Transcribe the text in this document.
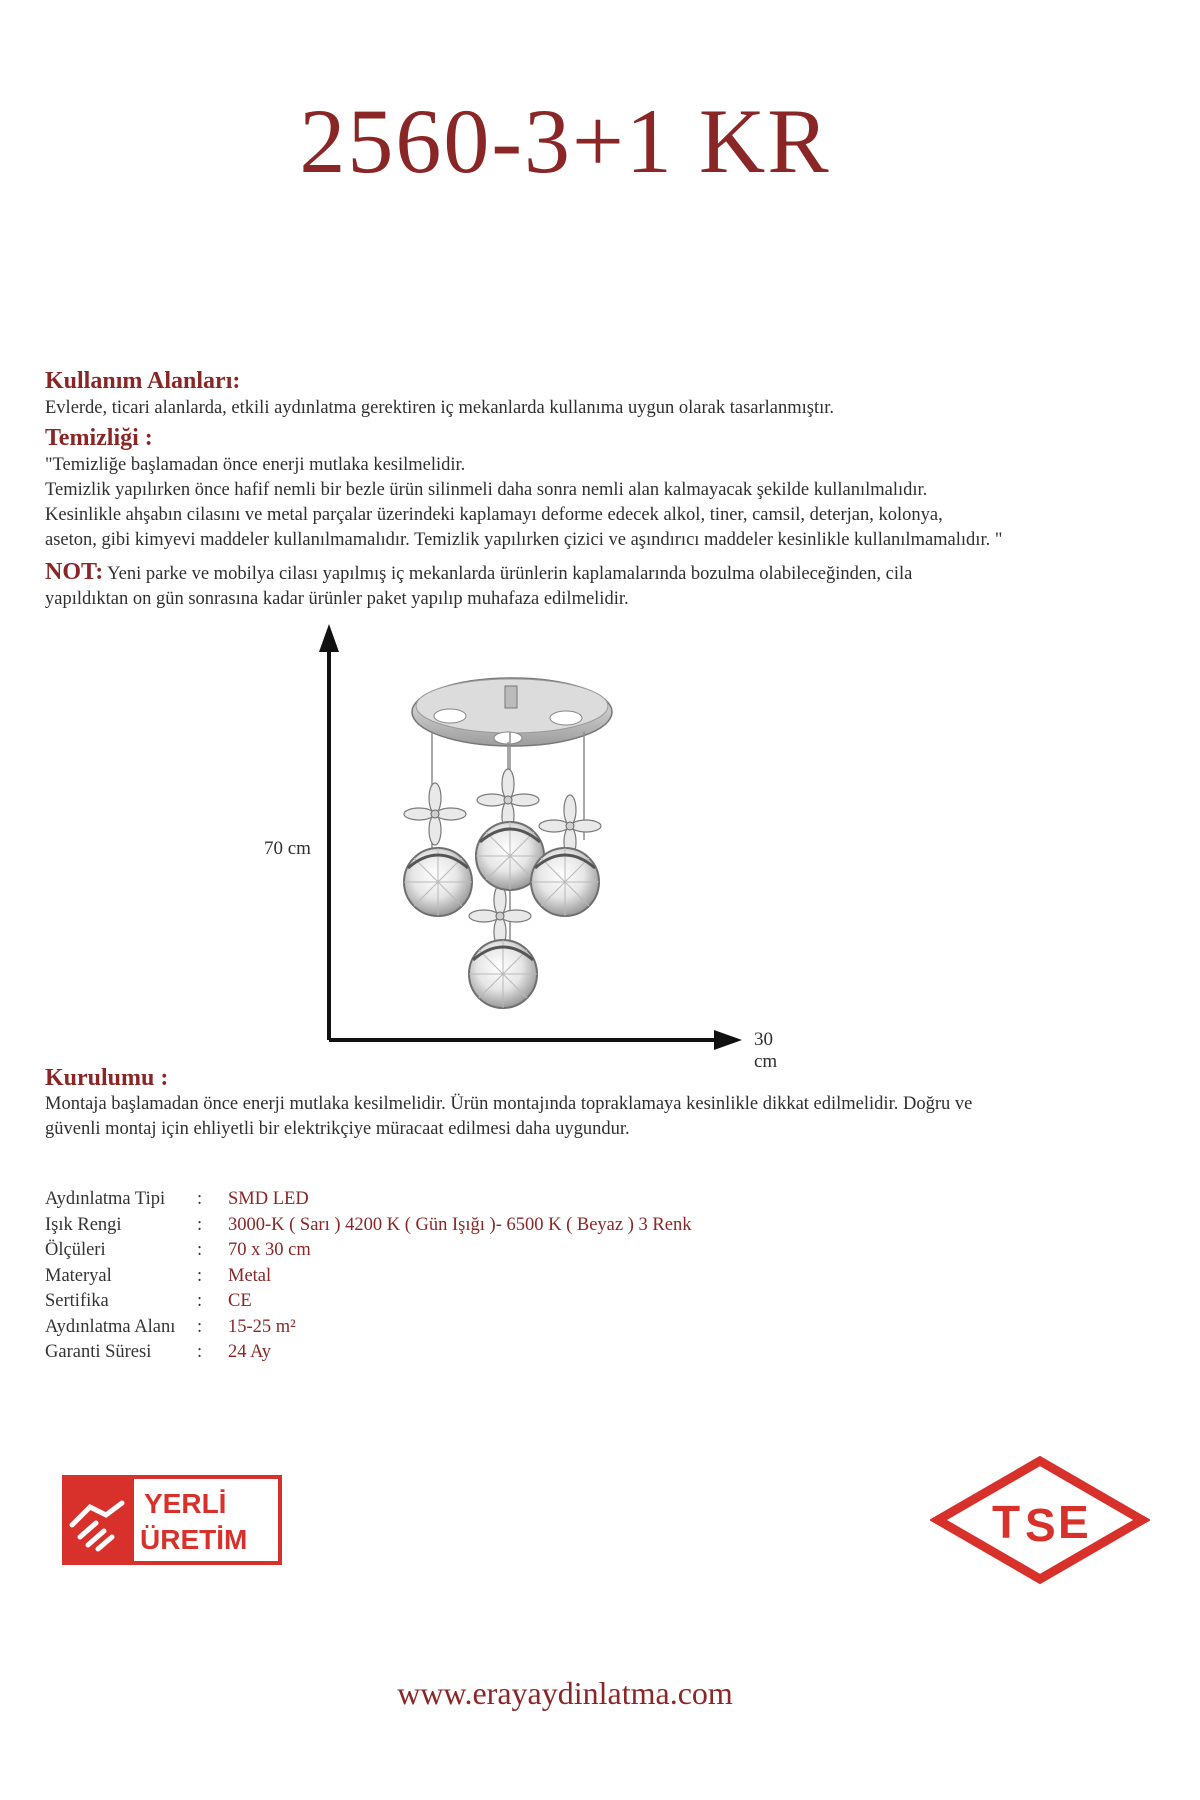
2560-3+1 KR
Kullanım Alanları:
Evlerde, ticari alanlarda, etkili aydınlatma gerektiren iç mekanlarda kullanıma uygun olarak tasarlanmıştır.
Temizliği :
"Temizliğe başlamadan önce enerji mutlaka kesilmelidir.
Temizlik yapılırken önce hafif nemli bir bezle ürün silinmeli daha sonra nemli alan kalmayacak şekilde kullanılmalıdır.
Kesinlikle ahşabın cilasını ve metal parçalar üzerindeki kaplamayı deforme edecek alkol, tiner, camsil, deterjan, kolonya,
aseton, gibi kimyevi maddeler kullanılmamalıdır. Temizlik yapılırken çizici ve aşındırıcı maddeler kesinlikle kullanılmamalıdır. "
NOT: Yeni parke ve mobilya cilası yapılmış iç mekanlarda ürünlerin kaplamalarında bozulma olabileceğinden, cila
yapıldıktan on gün sonrasına kadar ürünler paket yapılıp muhafaza edilmelidir.
70 cm
30 cm
Kurulumu :
Montaja başlamadan önce enerji mutlaka kesilmelidir. Ürün montajında topraklamaya kesinlikle dikkat edilmelidir. Doğru ve
güvenli montaj için ehliyetli bir elektrikçiye müracaat edilmesi daha uygundur.
Aydınlatma Tipi : SMD LED
Işık Rengi	: 3000-K ( Sarı ) 4200 K ( Gün Işığı )- 6500 K ( Beyaz ) 3 Renk
Ölçüleri	: 70 x 30 cm
Materyal	: Metal
Sertifika	: CE
Aydınlatma Alanı : 15-25 m²
Garanti Süresi : 24 Ay
YERLİ
ÜRETİM	T S E
www.erayaydinlatma.com
